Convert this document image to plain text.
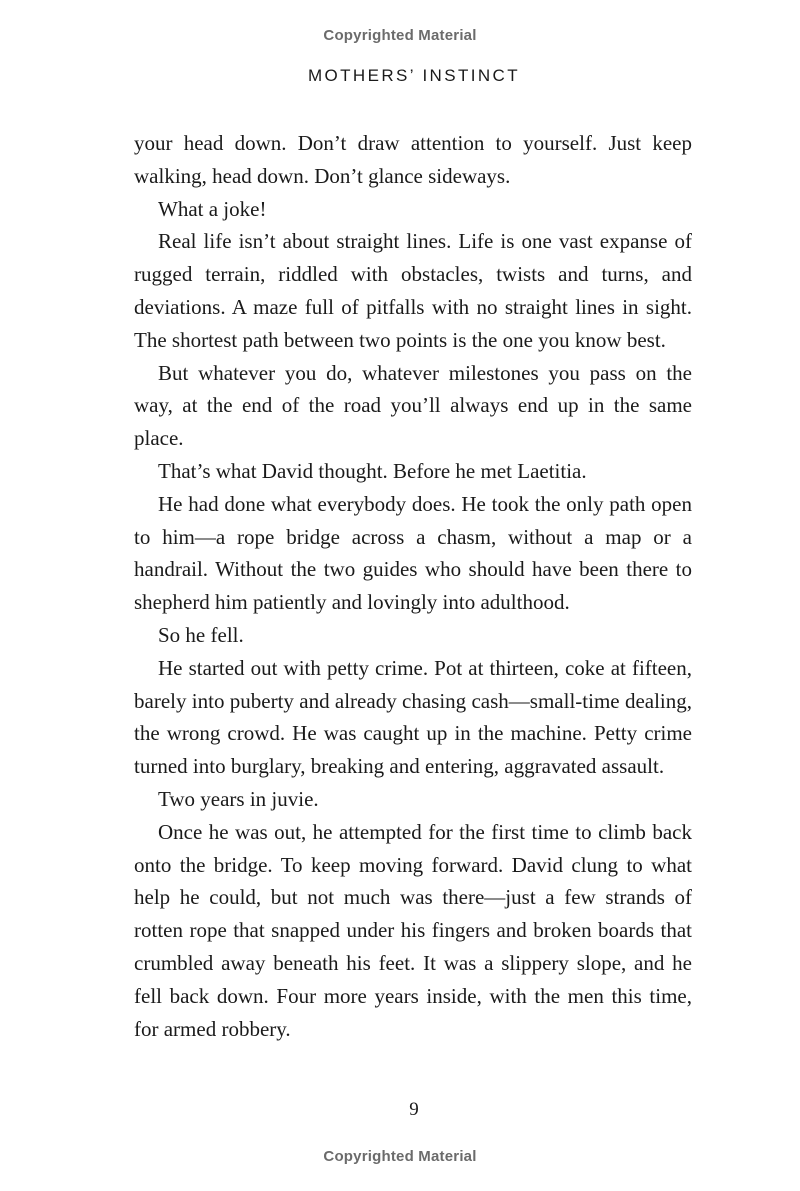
Copyrighted Material
MOTHERS’ INSTINCT

your head down. Don’t draw attention to yourself. Just keep walking, head down. Don’t glance sideways.

What a joke!

Real life isn’t about straight lines. Life is one vast expanse of rugged terrain, riddled with obstacles, twists and turns, and deviations. A maze full of pitfalls with no straight lines in sight. The shortest path between two points is the one you know best.

But whatever you do, whatever milestones you pass on the way, at the end of the road you’ll always end up in the same place.

That’s what David thought. Before he met Laetitia.

He had done what everybody does. He took the only path open to him—a rope bridge across a chasm, without a map or a handrail. Without the two guides who should have been there to shepherd him patiently and lovingly into adulthood.

So he fell.

He started out with petty crime. Pot at thirteen, coke at fifteen, barely into puberty and already chasing cash—small-time dealing, the wrong crowd. He was caught up in the machine. Petty crime turned into burglary, breaking and entering, aggravated assault.

Two years in juvie.

Once he was out, he attempted for the first time to climb back onto the bridge. To keep moving forward. David clung to what help he could, but not much was there—just a few strands of rotten rope that snapped under his fingers and broken boards that crumbled away beneath his feet. It was a slippery slope, and he fell back down. Four more years inside, with the men this time, for armed robbery.

9
Copyrighted Material
